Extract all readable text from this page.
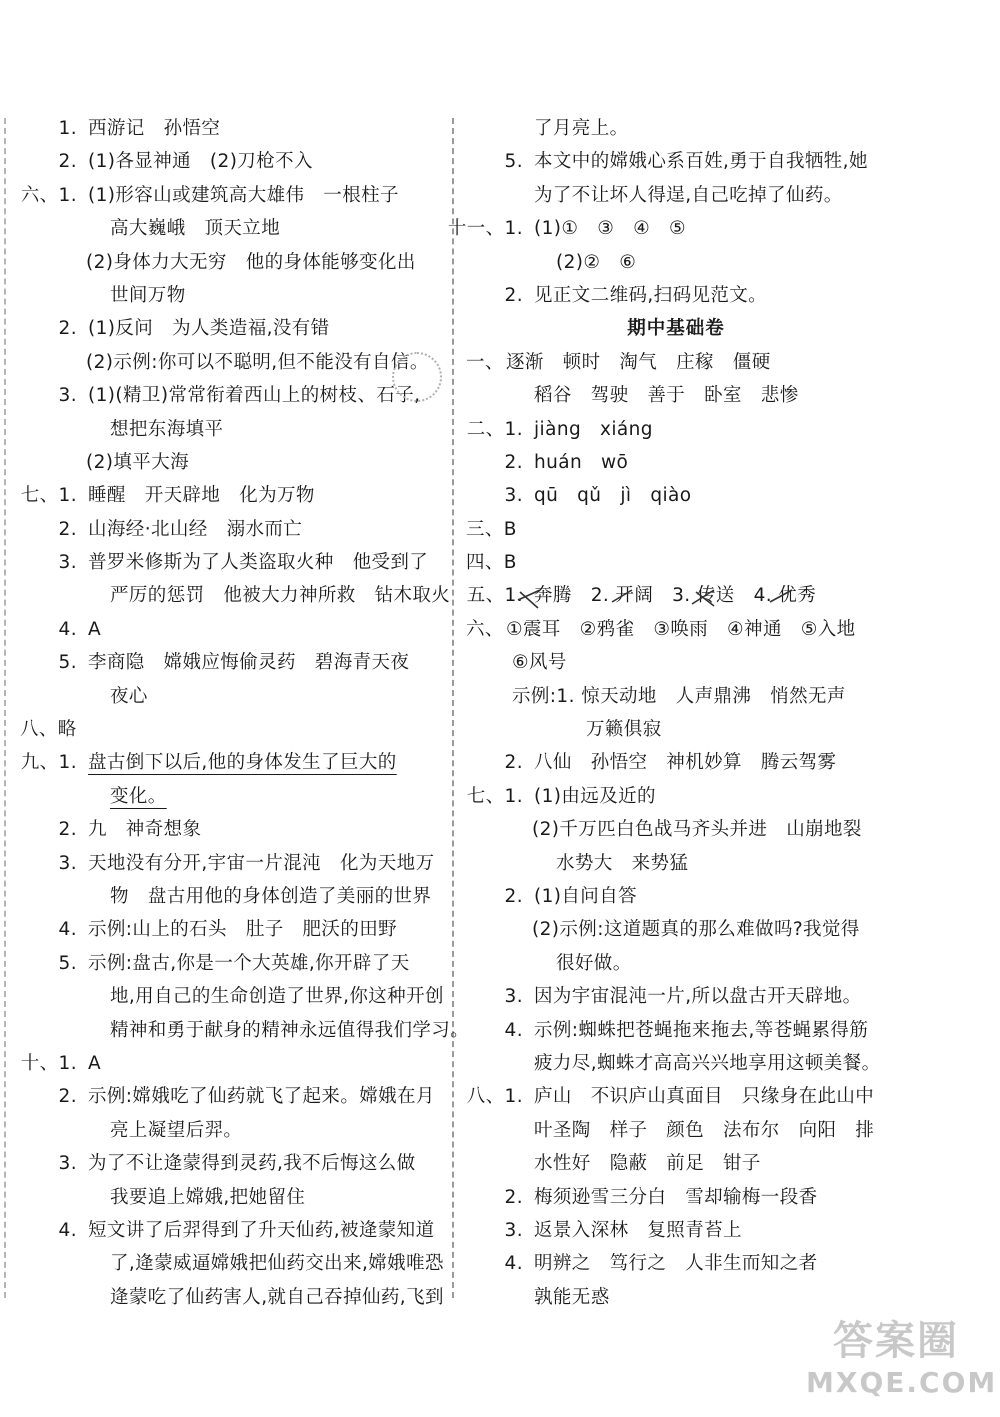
1. 西游记　孙悟空
2. (1)各显神通　(2)刀枪不入
六、1. (1)形容山或建筑高大雄伟　一根柱子
高大巍峨　顶天立地
(2)身体力大无穷　他的身体能够变化出
世间万物
2. (1)反问　为人类造福,没有错
(2)示例:你可以不聪明,但不能没有自信。
3. (1)(精卫)常常衔着西山上的树枝、石子,
想把东海填平
(2)填平大海
七、1. 睡醒　开天辟地　化为万物
2. 山海经·北山经　溺水而亡
3. 普罗米修斯为了人类盗取火种　他受到了
严厉的惩罚　他被大力神所救　钻木取火
4. A
5. 李商隐　嫦娥应悔偷灵药　碧海青天夜
夜心
八、略
九、1. 盘古倒下以后,他的身体发生了巨大的
变化。
2. 九　神奇想象
3. 天地没有分开,宇宙一片混沌　化为天地万
物　盘古用他的身体创造了美丽的世界
4. 示例:山上的石头　肚子　肥沃的田野
5. 示例:盘古,你是一个大英雄,你开辟了天
地,用自己的生命创造了世界,你这种开创
精神和勇于献身的精神永远值得我们学习。
十、1. A
2. 示例:嫦娥吃了仙药就飞了起来。嫦娥在月
亮上凝望后羿。
3. 为了不让逄蒙得到灵药,我不后悔这么做
我要追上嫦娥,把她留住
4. 短文讲了后羿得到了升天仙药,被逄蒙知道
了,逄蒙威逼嫦娥把仙药交出来,嫦娥唯恐
逄蒙吃了仙药害人,就自己吞掉仙药,飞到
了月亮上。
5. 本文中的嫦娥心系百姓,勇于自我牺牲,她
为了不让坏人得逞,自己吃掉了仙药。
十一、1. (1)①　③　④　⑤
(2)②　⑥
2. 见正文二维码,扫码见范文。
期中基础卷
一、 逐渐　顿时　淘气　庄稼　僵硬
稻谷　驾驶　善于　卧室　悲惨
二、1. jiàng　xiáng
2. huán　wō
3. qū　qǔ　jì　qiào
三、B
四、B
五、1. 奔腾　2. 开阔　3. 传送　4. 优秀
六、 ①震耳　②鸦雀　③唤雨　④神通　⑤入地
⑥风号
示例:1. 惊天动地　人声鼎沸　悄然无声
万籁俱寂
2. 八仙　孙悟空　神机妙算　腾云驾雾
七、1. (1)由远及近的
(2)千万匹白色战马齐头并进　山崩地裂
水势大　来势猛
2. (1)自问自答
(2)示例:这道题真的那么难做吗?我觉得
很好做。
3. 因为宇宙混沌一片,所以盘古开天辟地。
4. 示例:蜘蛛把苍蝇拖来拖去,等苍蝇累得筋
疲力尽,蜘蛛才高高兴兴地享用这顿美餐。
八、1. 庐山　不识庐山真面目　只缘身在此山中
叶圣陶　样子　颜色　法布尔　向阳　排
水性好　隐蔽　前足　钳子
2. 梅须逊雪三分白　雪却输梅一段香
3. 返景入深林　复照青苔上
4. 明辨之　笃行之　人非生而知之者
孰能无惑
答案圈
MXQE.COM
